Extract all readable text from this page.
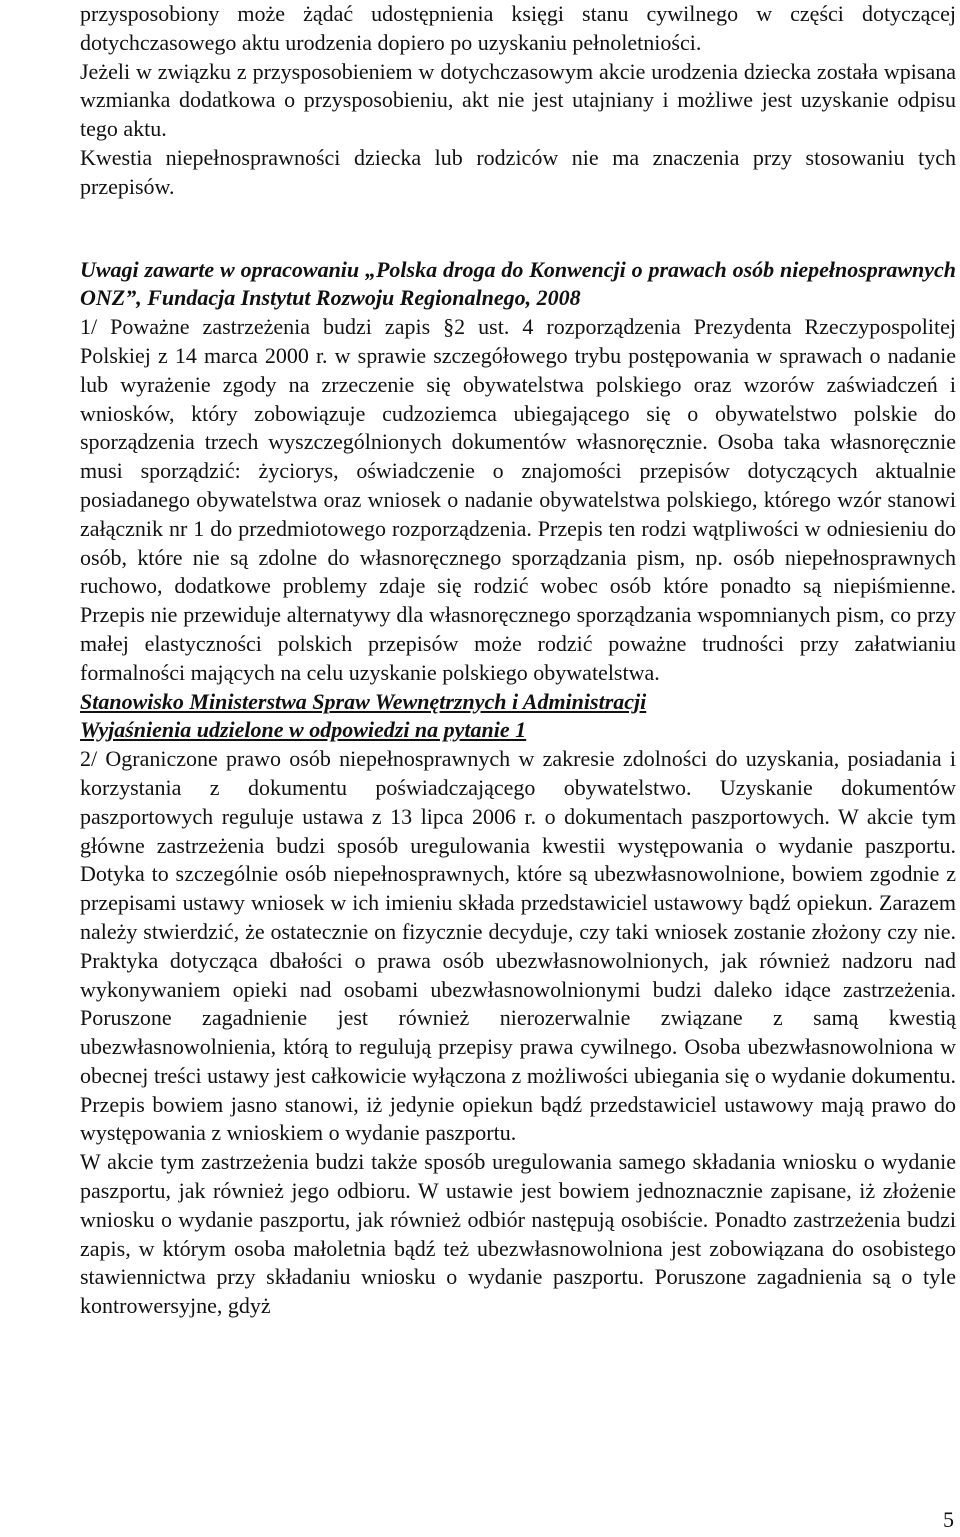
przysposobiony może żądać udostępnienia księgi stanu cywilnego w części dotyczącej dotychczasowego aktu urodzenia dopiero po uzyskaniu pełnoletniości.

Jeżeli w związku z przysposobieniem w dotychczasowym akcie urodzenia dziecka została wpisana wzmianka dodatkowa o przysposobieniu, akt nie jest utajniany i możliwe jest uzyskanie odpisu tego aktu.

Kwestia niepełnosprawności dziecka lub rodziców nie ma znaczenia przy stosowaniu tych przepisów.

Uwagi zawarte w opracowaniu „Polska droga do Konwencji o prawach osób niepełnosprawnych ONZ”, Fundacja Instytut Rozwoju Regionalnego, 2008

1/ Poważne zastrzeżenia budzi zapis §2 ust. 4 rozporządzenia Prezydenta Rzeczypospolitej Polskiej z 14 marca 2000 r. w sprawie szczegółowego trybu postępowania w sprawach o nadanie lub wyrażenie zgody na zrzeczenie się obywatelstwa polskiego oraz wzorów zaświadczeń i wniosków, który zobowiązuje cudzoziemca ubiegającego się o obywatelstwo polskie do sporządzenia trzech wyszczególnionych dokumentów własnoręcznie. Osoba taka własnoręcznie musi sporządzić: życiorys, oświadczenie o znajomości przepisów dotyczących aktualnie posiadanego obywatelstwa oraz wniosek o nadanie obywatelstwa polskiego, którego wzór stanowi załącznik nr 1 do przedmiotowego rozporządzenia. Przepis ten rodzi wątpliwości w odniesieniu do osób, które nie są zdolne do własnoręcznego sporządzania pism, np. osób niepełnosprawnych ruchowo, dodatkowe problemy zdaje się rodzić wobec osób które ponadto są niepiśmienne. Przepis nie przewiduje alternatywy dla własnoręcznego sporządzania wspomnianych pism, co przy małej elastyczności polskich przepisów może rodzić poważne trudności przy załatwianiu formalności mających na celu uzyskanie polskiego obywatelstwa.

Stanowisko Ministerstwa Spraw Wewnętrznych i Administracji

Wyjaśnienia udzielone w odpowiedzi na pytanie 1

2/ Ograniczone prawo osób niepełnosprawnych w zakresie zdolności do uzyskania, posiadania i korzystania z dokumentu poświadczającego obywatelstwo. Uzyskanie dokumentów paszportowych reguluje ustawa z 13 lipca 2006 r. o dokumentach paszportowych. W akcie tym główne zastrzeżenia budzi sposób uregulowania kwestii występowania o wydanie paszportu. Dotyka to szczególnie osób niepełnosprawnych, które są ubezwłasnowolnione, bowiem zgodnie z przepisami ustawy wniosek w ich imieniu składa przedstawiciel ustawowy bądź opiekun. Zarazem należy stwierdzić, że ostatecznie on fizycznie decyduje, czy taki wniosek zostanie złożony czy nie. Praktyka dotycząca dbałości o prawa osób ubezwłasnowolnionych, jak również nadzoru nad wykonywaniem opieki nad osobami ubezwłasnowolnionymi budzi daleko idące zastrzeżenia. Poruszone zagadnienie jest również nierozerwalnie związane z samą kwestią ubezwłasnowolnienia, którą to regulują przepisy prawa cywilnego. Osoba ubezwłasnowolniona w obecnej treści ustawy jest całkowicie wyłączona z możliwości ubiegania się o wydanie dokumentu. Przepis bowiem jasno stanowi, iż jedynie opiekun bądź przedstawiciel ustawowy mają prawo do występowania z wnioskiem o wydanie paszportu.

W akcie tym zastrzeżenia budzi także sposób uregulowania samego składania wniosku o wydanie paszportu, jak również jego odbioru. W ustawie jest bowiem jednoznacznie zapisane, iż złożenie wniosku o wydanie paszportu, jak również odbiór następują osobiście. Ponadto zastrzeżenia budzi zapis, w którym osoba małoletnia bądź też ubezwłasnowolniona jest zobowiązana do osobistego stawiennictwa przy składaniu wniosku o wydanie paszportu. Poruszone zagadnienia są o tyle kontrowersyjne, gdyż

5
